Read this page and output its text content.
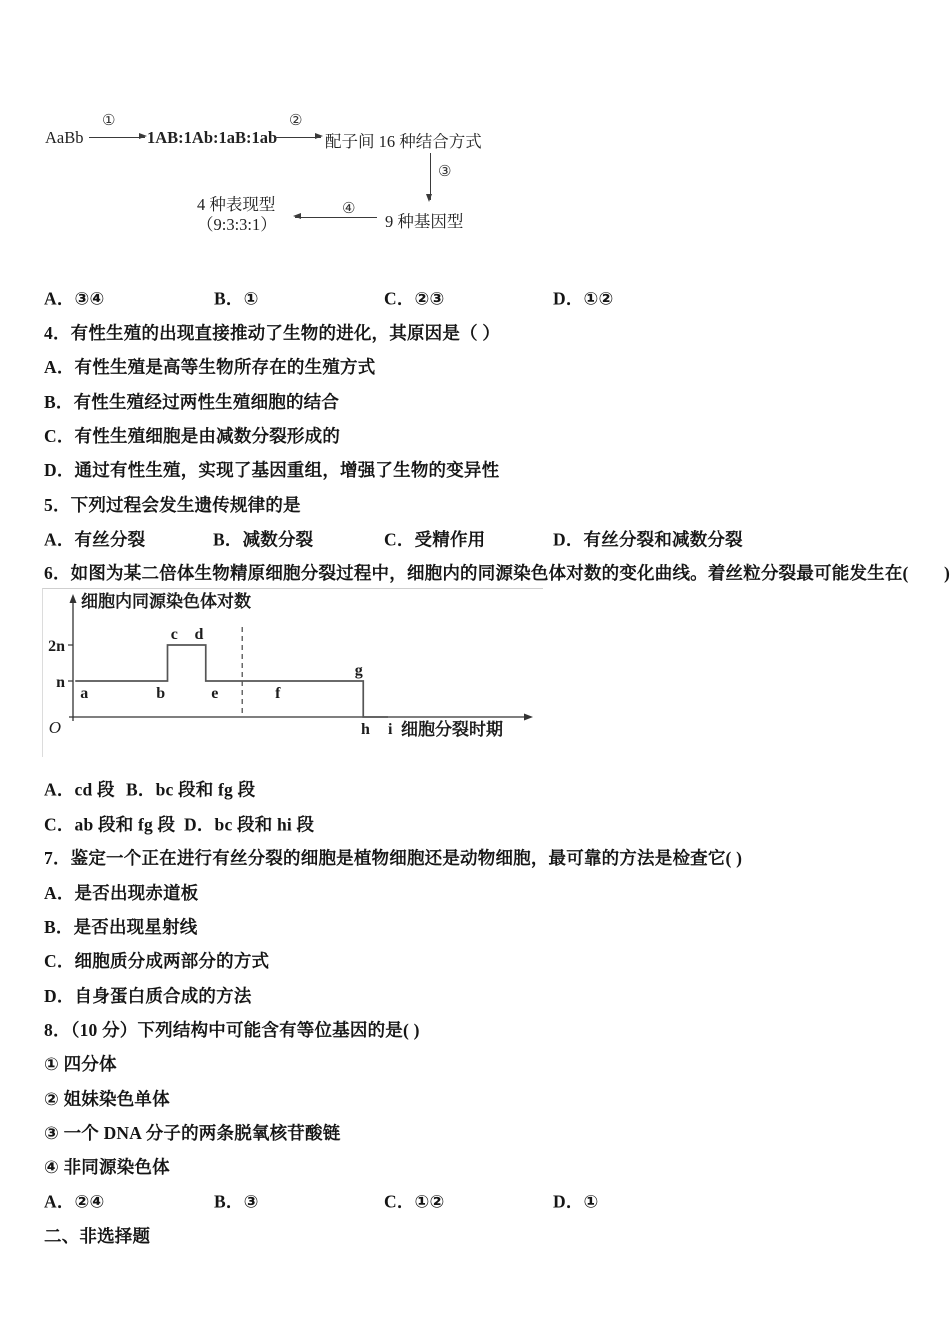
AaBb
①
1AB:1Ab:1aB:1ab
②
配子间 16 种结合方式
③
4 种表现型
（9:3:3:1）
④
9 种基因型
A．③④	B．①	C．②③	D．①②
4．有性生殖的出现直接推动了生物的进化，其原因是（ ）
A．有性生殖是高等生物所存在的生殖方式
B．有性生殖经过两性生殖细胞的结合
C．有性生殖细胞是由减数分裂形成的
D．通过有性生殖，实现了基因重组，增强了生物的变异性
5．下列过程会发生遗传规律的是
A．有丝分裂	B．减数分裂	C．受精作用	D．有丝分裂和减数分裂
6．如图为某二倍体生物精原细胞分裂过程中，细胞内的同源染色体对数的变化曲线。着丝粒分裂最可能发生在(　　)
n
2n
a	b
c d
e	f
g
h i
细胞内同源染色体对数
O	细胞分裂时期
A．cd 段 B．bc 段和 fg 段
C．ab 段和 fg 段 D．bc 段和 hi 段
7．鉴定一个正在进行有丝分裂的细胞是植物细胞还是动物细胞，最可靠的方法是检查它( )
A．是否出现赤道板
B．是否出现星射线
C．细胞质分成两部分的方式
D．自身蛋白质合成的方法
8．（10 分）下列结构中可能含有等位基因的是( )
① 四分体
② 姐妹染色单体
③ 一个 DNA 分子的两条脱氧核苷酸链
④ 非同源染色体
A．②④	B．③	C．①②	D．①
二、非选择题
